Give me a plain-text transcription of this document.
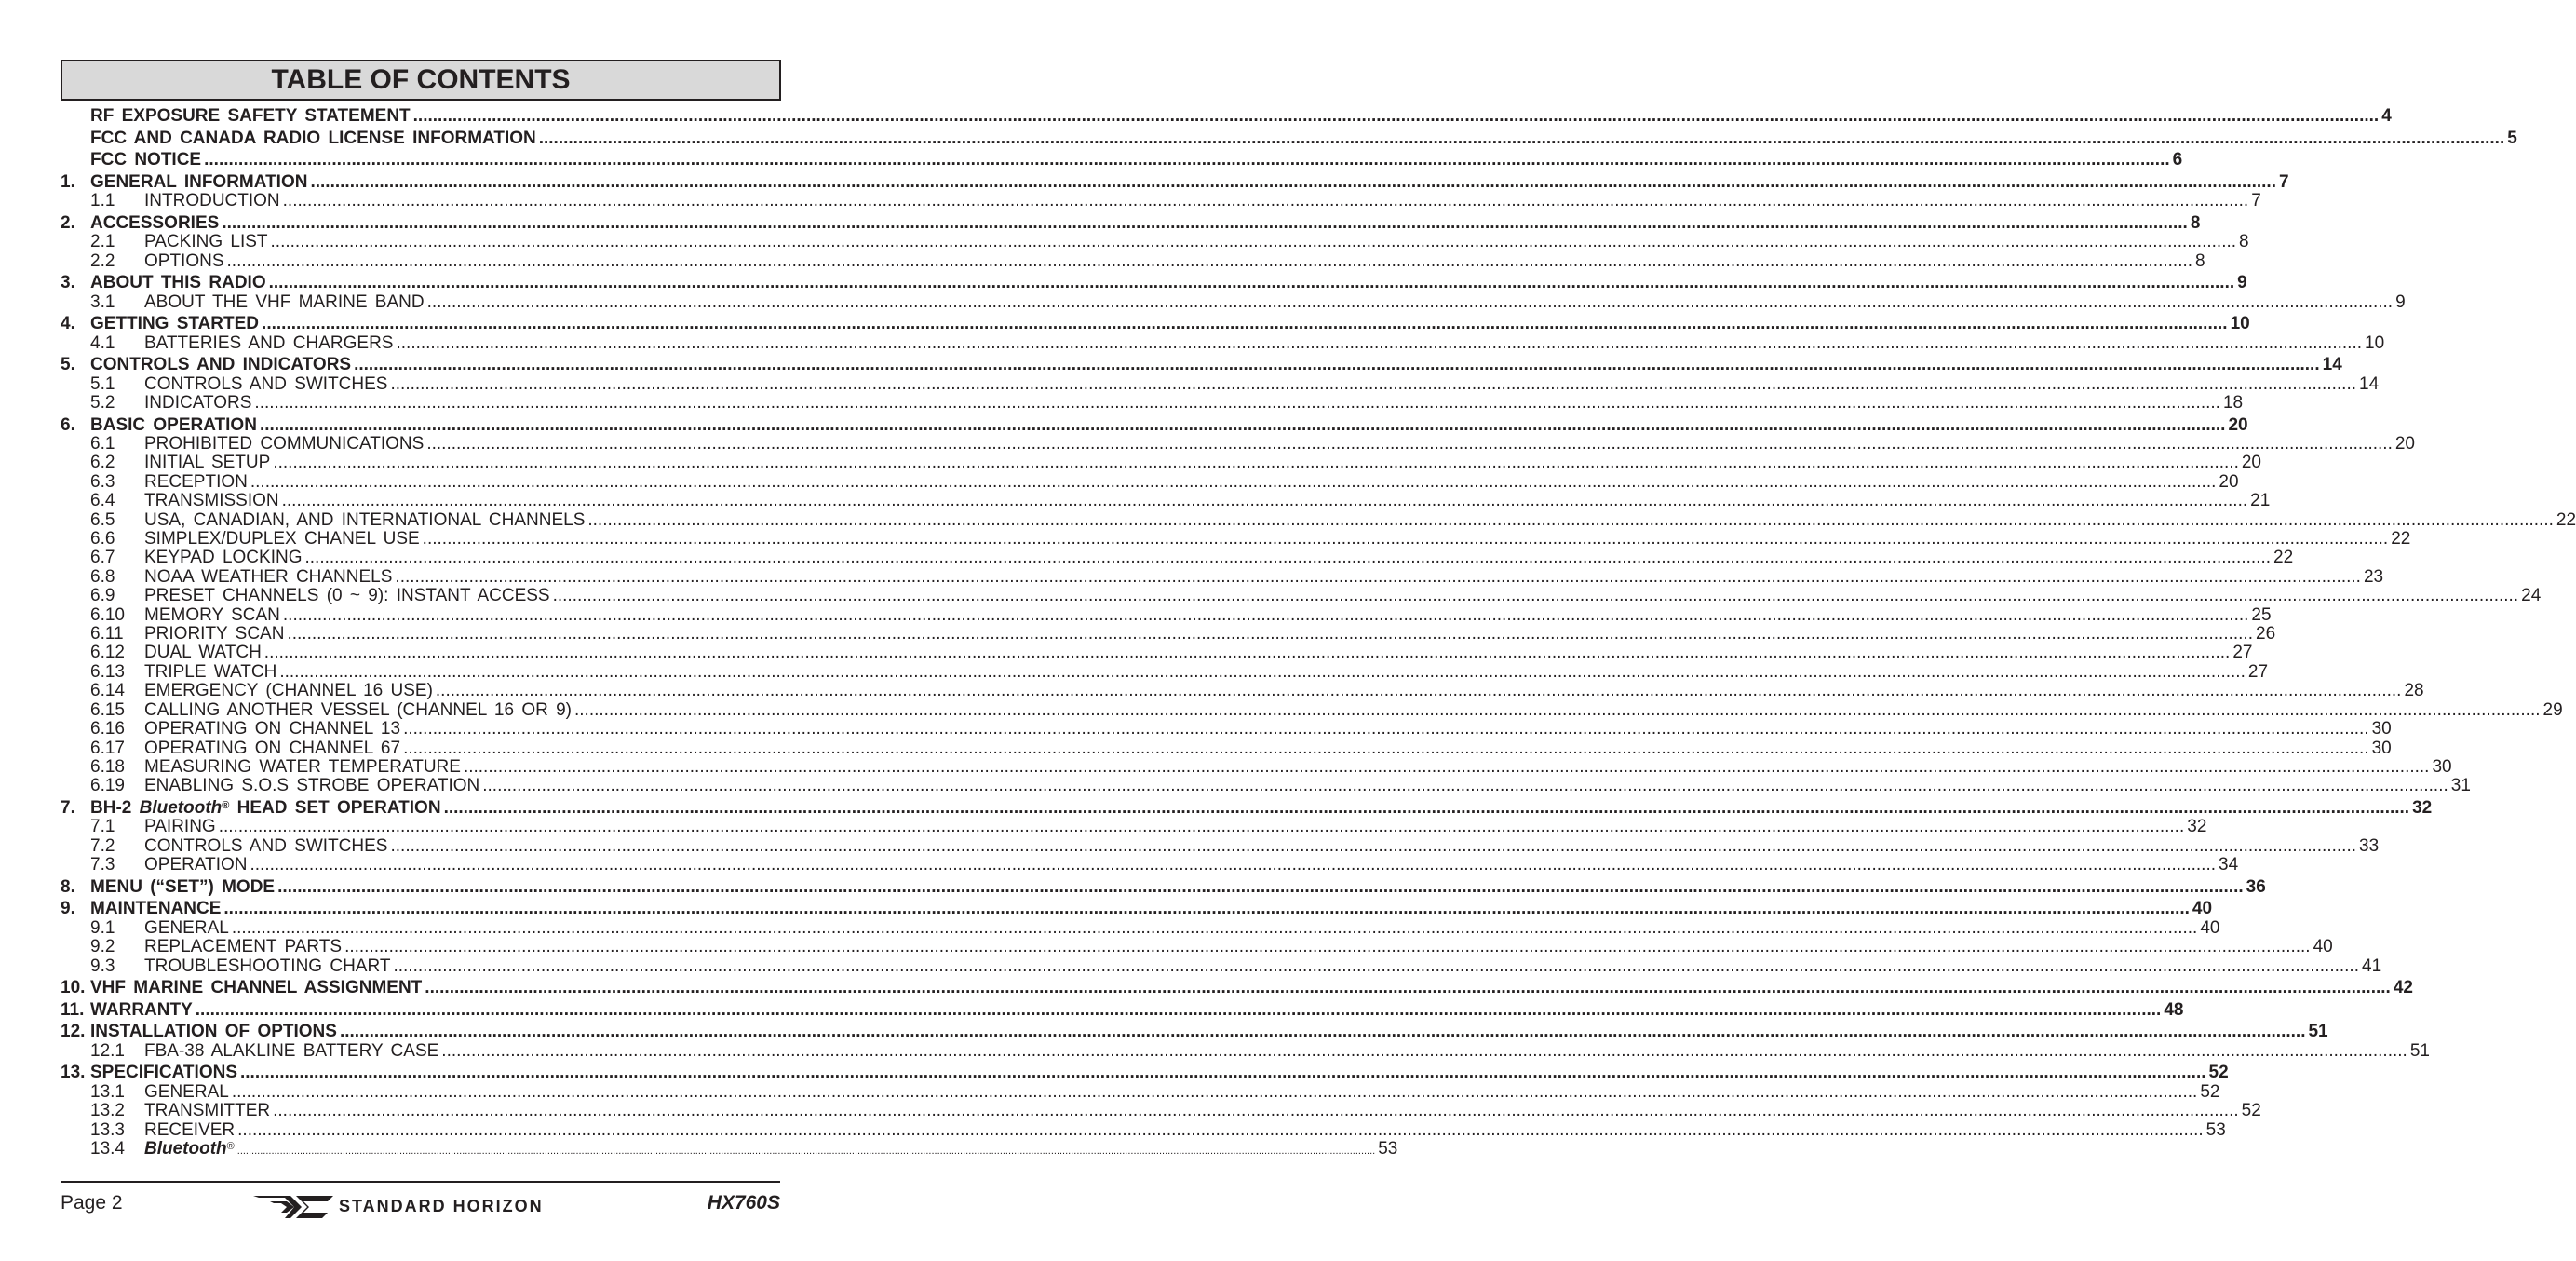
TABLE OF CONTENTS
RF EXPOSURE SAFETY STATEMENT ................................................................................................................................................................................................................................................................................................................................................................................................................ 4
FCC AND CANADA RADIO LICENSE INFORMATION ................................................................................................................................................................................................................................................................................................................................................................................................................ 5
FCC NOTICE ................................................................................................................................................................................................................................................................................................................................................................................................................ 6
1. GENERAL INFORMATION ................................................................................................................................................................................................................................................................................................................................................................................................................ 7
1.1	INTRODUCTION ................................................................................................................................................................................................................................................................................................................................................................................................................ 7
2. ACCESSORIES ................................................................................................................................................................................................................................................................................................................................................................................................................ 8
2.1	PACKING LIST ................................................................................................................................................................................................................................................................................................................................................................................................................ 8
2.2	OPTIONS ................................................................................................................................................................................................................................................................................................................................................................................................................ 8
3. ABOUT THIS RADIO ................................................................................................................................................................................................................................................................................................................................................................................................................ 9
3.1	ABOUT THE VHF MARINE BAND ................................................................................................................................................................................................................................................................................................................................................................................................................ 9
4. GETTING STARTED ................................................................................................................................................................................................................................................................................................................................................................................................................ 10
4.1	BATTERIES AND CHARGERS ................................................................................................................................................................................................................................................................................................................................................................................................................ 10
5. CONTROLS AND INDICATORS ................................................................................................................................................................................................................................................................................................................................................................................................................ 14
5.1	CONTROLS AND SWITCHES ................................................................................................................................................................................................................................................................................................................................................................................................................ 14
5.2	INDICATORS ................................................................................................................................................................................................................................................................................................................................................................................................................ 18
6. BASIC OPERATION ................................................................................................................................................................................................................................................................................................................................................................................................................ 20
6.1	PROHIBITED COMMUNICATIONS ................................................................................................................................................................................................................................................................................................................................................................................................................ 20
6.2	INITIAL SETUP ................................................................................................................................................................................................................................................................................................................................................................................................................ 20
6.3	RECEPTION ................................................................................................................................................................................................................................................................................................................................................................................................................ 20
6.4	TRANSMISSION ................................................................................................................................................................................................................................................................................................................................................................................................................ 21
6.5	USA, CANADIAN, AND INTERNATIONAL CHANNELS ................................................................................................................................................................................................................................................................................................................................................................................................................ 22
6.6	SIMPLEX/DUPLEX CHANEL USE ................................................................................................................................................................................................................................................................................................................................................................................................................ 22
6.7	KEYPAD LOCKING ................................................................................................................................................................................................................................................................................................................................................................................................................ 22
6.8	NOAA WEATHER CHANNELS ................................................................................................................................................................................................................................................................................................................................................................................................................ 23
6.9	PRESET CHANNELS (0 ~ 9): INSTANT ACCESS ................................................................................................................................................................................................................................................................................................................................................................................................................ 24
6.10	MEMORY SCAN ................................................................................................................................................................................................................................................................................................................................................................................................................ 25
6.11	PRIORITY SCAN ................................................................................................................................................................................................................................................................................................................................................................................................................ 26
6.12	DUAL WATCH ................................................................................................................................................................................................................................................................................................................................................................................................................ 27
6.13	TRIPLE WATCH ................................................................................................................................................................................................................................................................................................................................................................................................................ 27
6.14	EMERGENCY (CHANNEL 16 USE) ................................................................................................................................................................................................................................................................................................................................................................................................................ 28
6.15	CALLING ANOTHER VESSEL (CHANNEL 16 OR 9) ................................................................................................................................................................................................................................................................................................................................................................................................................ 29
6.16	OPERATING ON CHANNEL 13 ................................................................................................................................................................................................................................................................................................................................................................................................................ 30
6.17	OPERATING ON CHANNEL 67 ................................................................................................................................................................................................................................................................................................................................................................................................................ 30
6.18	MEASURING WATER TEMPERATURE ................................................................................................................................................................................................................................................................................................................................................................................................................ 30
6.19	ENABLING S.O.S STROBE OPERATION ................................................................................................................................................................................................................................................................................................................................................................................................................ 31
7. BH-2 Bluetooth® HEAD SET OPERATION ................................................................................................................................................................................................................................................................................................................................................................................................................ 32
7.1	PAIRING ................................................................................................................................................................................................................................................................................................................................................................................................................ 32
7.2	CONTROLS AND SWITCHES ................................................................................................................................................................................................................................................................................................................................................................................................................ 33
7.3	OPERATION ................................................................................................................................................................................................................................................................................................................................................................................................................ 34
8. MENU (“SET”) MODE ................................................................................................................................................................................................................................................................................................................................................................................................................ 36
9. MAINTENANCE ................................................................................................................................................................................................................................................................................................................................................................................................................ 40
9.1	GENERAL ................................................................................................................................................................................................................................................................................................................................................................................................................ 40
9.2	REPLACEMENT PARTS ................................................................................................................................................................................................................................................................................................................................................................................................................ 40
9.3	TROUBLESHOOTING CHART ................................................................................................................................................................................................................................................................................................................................................................................................................ 41
10. VHF MARINE CHANNEL ASSIGNMENT ................................................................................................................................................................................................................................................................................................................................................................................................................ 42
11. WARRANTY ................................................................................................................................................................................................................................................................................................................................................................................................................ 48
12. INSTALLATION OF OPTIONS ................................................................................................................................................................................................................................................................................................................................................................................................................ 51
12.1	FBA-38 ALAKLINE BATTERY CASE ................................................................................................................................................................................................................................................................................................................................................................................................................ 51
13. SPECIFICATIONS ................................................................................................................................................................................................................................................................................................................................................................................................................ 52
13.1	GENERAL ................................................................................................................................................................................................................................................................................................................................................................................................................ 52
13.2	TRANSMITTER ................................................................................................................................................................................................................................................................................................................................................................................................................ 52
13.3	RECEIVER ................................................................................................................................................................................................................................................................................................................................................................................................................ 53
13.4	Bluetooth® ................................................................................................................................................................................................................................................................................................................................................................................................................ 53
Page 2	STANDARD HORIZON	HX760S
